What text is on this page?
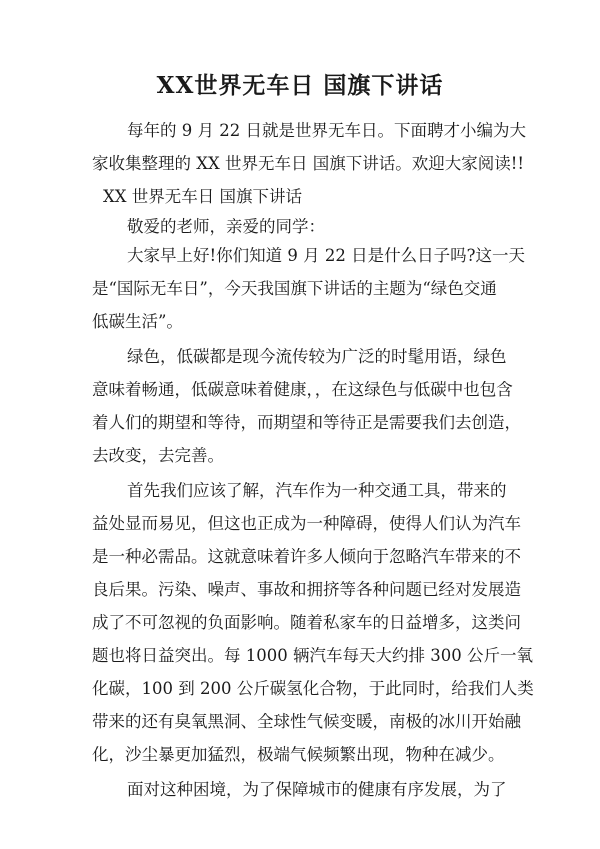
XX世界无车日 国旗下讲话
每年的 9 月 22 日就是世界无车日。下面聘才小编为大
家收集整理的 XX 世界无车日 国旗下讲话。欢迎大家阅读!!
XX 世界无车日 国旗下讲话
敬爱的老师，亲爱的同学：
大家早上好!你们知道 9 月 22 日是什么日子吗?这一天
是“国际无车日”，今天我国旗下讲话的主题为“绿色交通
低碳生活”。
绿色，低碳都是现今流传较为广泛的时髦用语，绿色
意味着畅通，低碳意味着健康，，在这绿色与低碳中也包含
着人们的期望和等待，而期望和等待正是需要我们去创造，
去改变，去完善。
首先我们应该了解，汽车作为一种交通工具，带来的
益处显而易见，但这也正成为一种障碍，使得人们认为汽车
是一种必需品。这就意味着许多人倾向于忽略汽车带来的不
良后果。污染、噪声、事故和拥挤等各种问题已经对发展造
成了不可忽视的负面影响。随着私家车的日益增多，这类问
题也将日益突出。每 1000 辆汽车每天大约排 300 公斤一氧
化碳，100 到 200 公斤碳氢化合物，于此同时，给我们人类
带来的还有臭氧黑洞、全球性气候变暖，南极的冰川开始融
化，沙尘暴更加猛烈，极端气候频繁出现，物种在减少。
面对这种困境，为了保障城市的健康有序发展，为了
